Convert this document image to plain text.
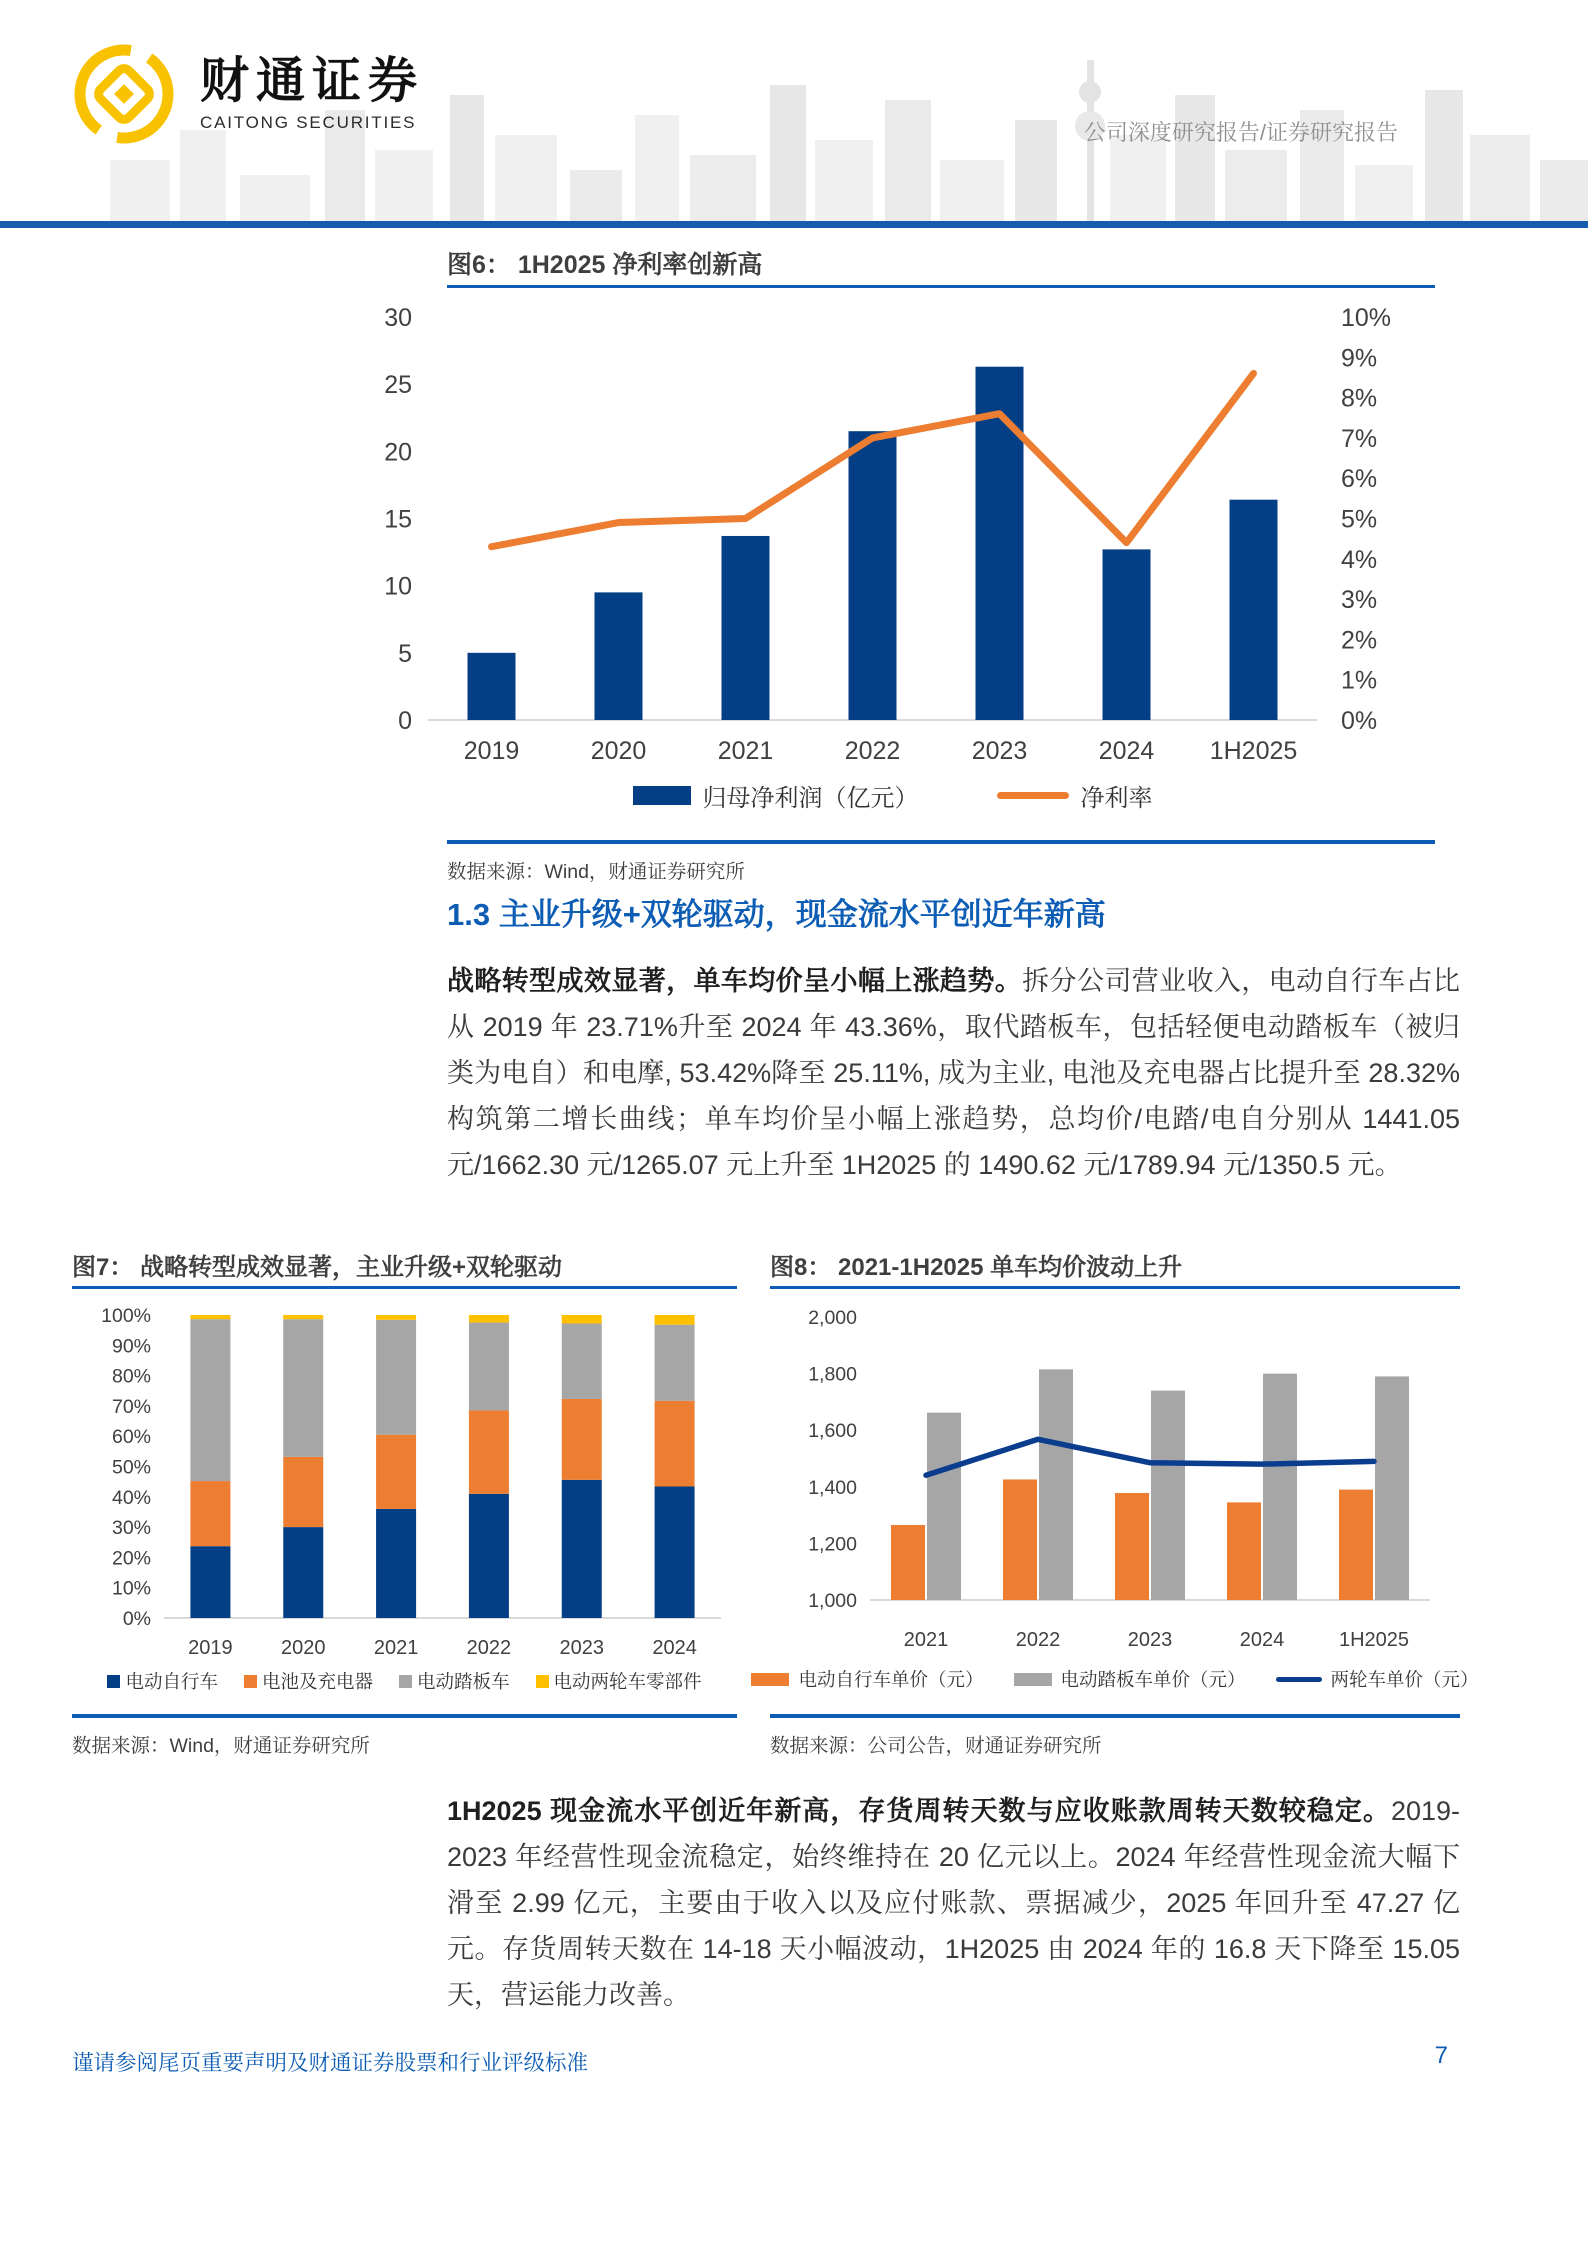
财通证券
CAITONG SECURITIES	公司深度研究报告/证券研究报告
图6： 1H2025 净利率创新高
0
5
10
15
20
25
30
0%
1%
2%
3%
4%
5%
6%
7%
8%
9%
10%
2019	2020	2021	2022	2023	2024 1H2025
归母净利润（亿元）	净利率
数据来源：Wind，财通证券研究所
1.3 主业升级+双轮驱动，现金流水平创近年新高
战略转型成效显著，单车均价呈小幅上涨趋势。拆分公司营业收入，电动自行车占比从 2019 年 23.71%升至 2024 年 43.36%，取代踏板车，包括轻便电动踏板车（被归类为电自）和电摩, 53.42%降至 25.11%, 成为主业, 电池及充电器占比提升至 28.32%构筑第二增长曲线；单车均价呈小幅上涨趋势，总均价/电踏/电自分别从 1441.05 元/1662.30 元/1265.07 元上升至 1H2025 的 1490.62 元/1789.94 元/1350.5 元。
图7： 战略转型成效显著，主业升级+双轮驱动
0%
10%
20%
30%
40%
50%
60%
70%
80%
90%
100%
2019 2020 2021 2022 2023 2024
电动自行车 电池及充电器 电动踏板车 电动两轮车零部件
数据来源：Wind，财通证券研究所
图8： 2021-1H2025 单车均价波动上升
1,000
1,200
1,400
1,600
1,800
2,000
2021	2022	2023	2024	1H2025
电动自行车单价（元）	电动踏板车单价（元）	两轮车单价（元）
数据来源：公司公告，财通证券研究所
1H2025 现金流水平创近年新高，存货周转天数与应收账款周转天数较稳定。2019-2023 年经营性现金流稳定，始终维持在 20 亿元以上。2024 年经营性现金流大幅下滑至 2.99 亿元，主要由于收入以及应付账款、票据减少，2025 年回升至 47.27 亿元。存货周转天数在 14-18 天小幅波动，1H2025 由 2024 年的 16.8 天下降至 15.05 天，营运能力改善。
谨请参阅尾页重要声明及财通证券股票和行业评级标准	7
